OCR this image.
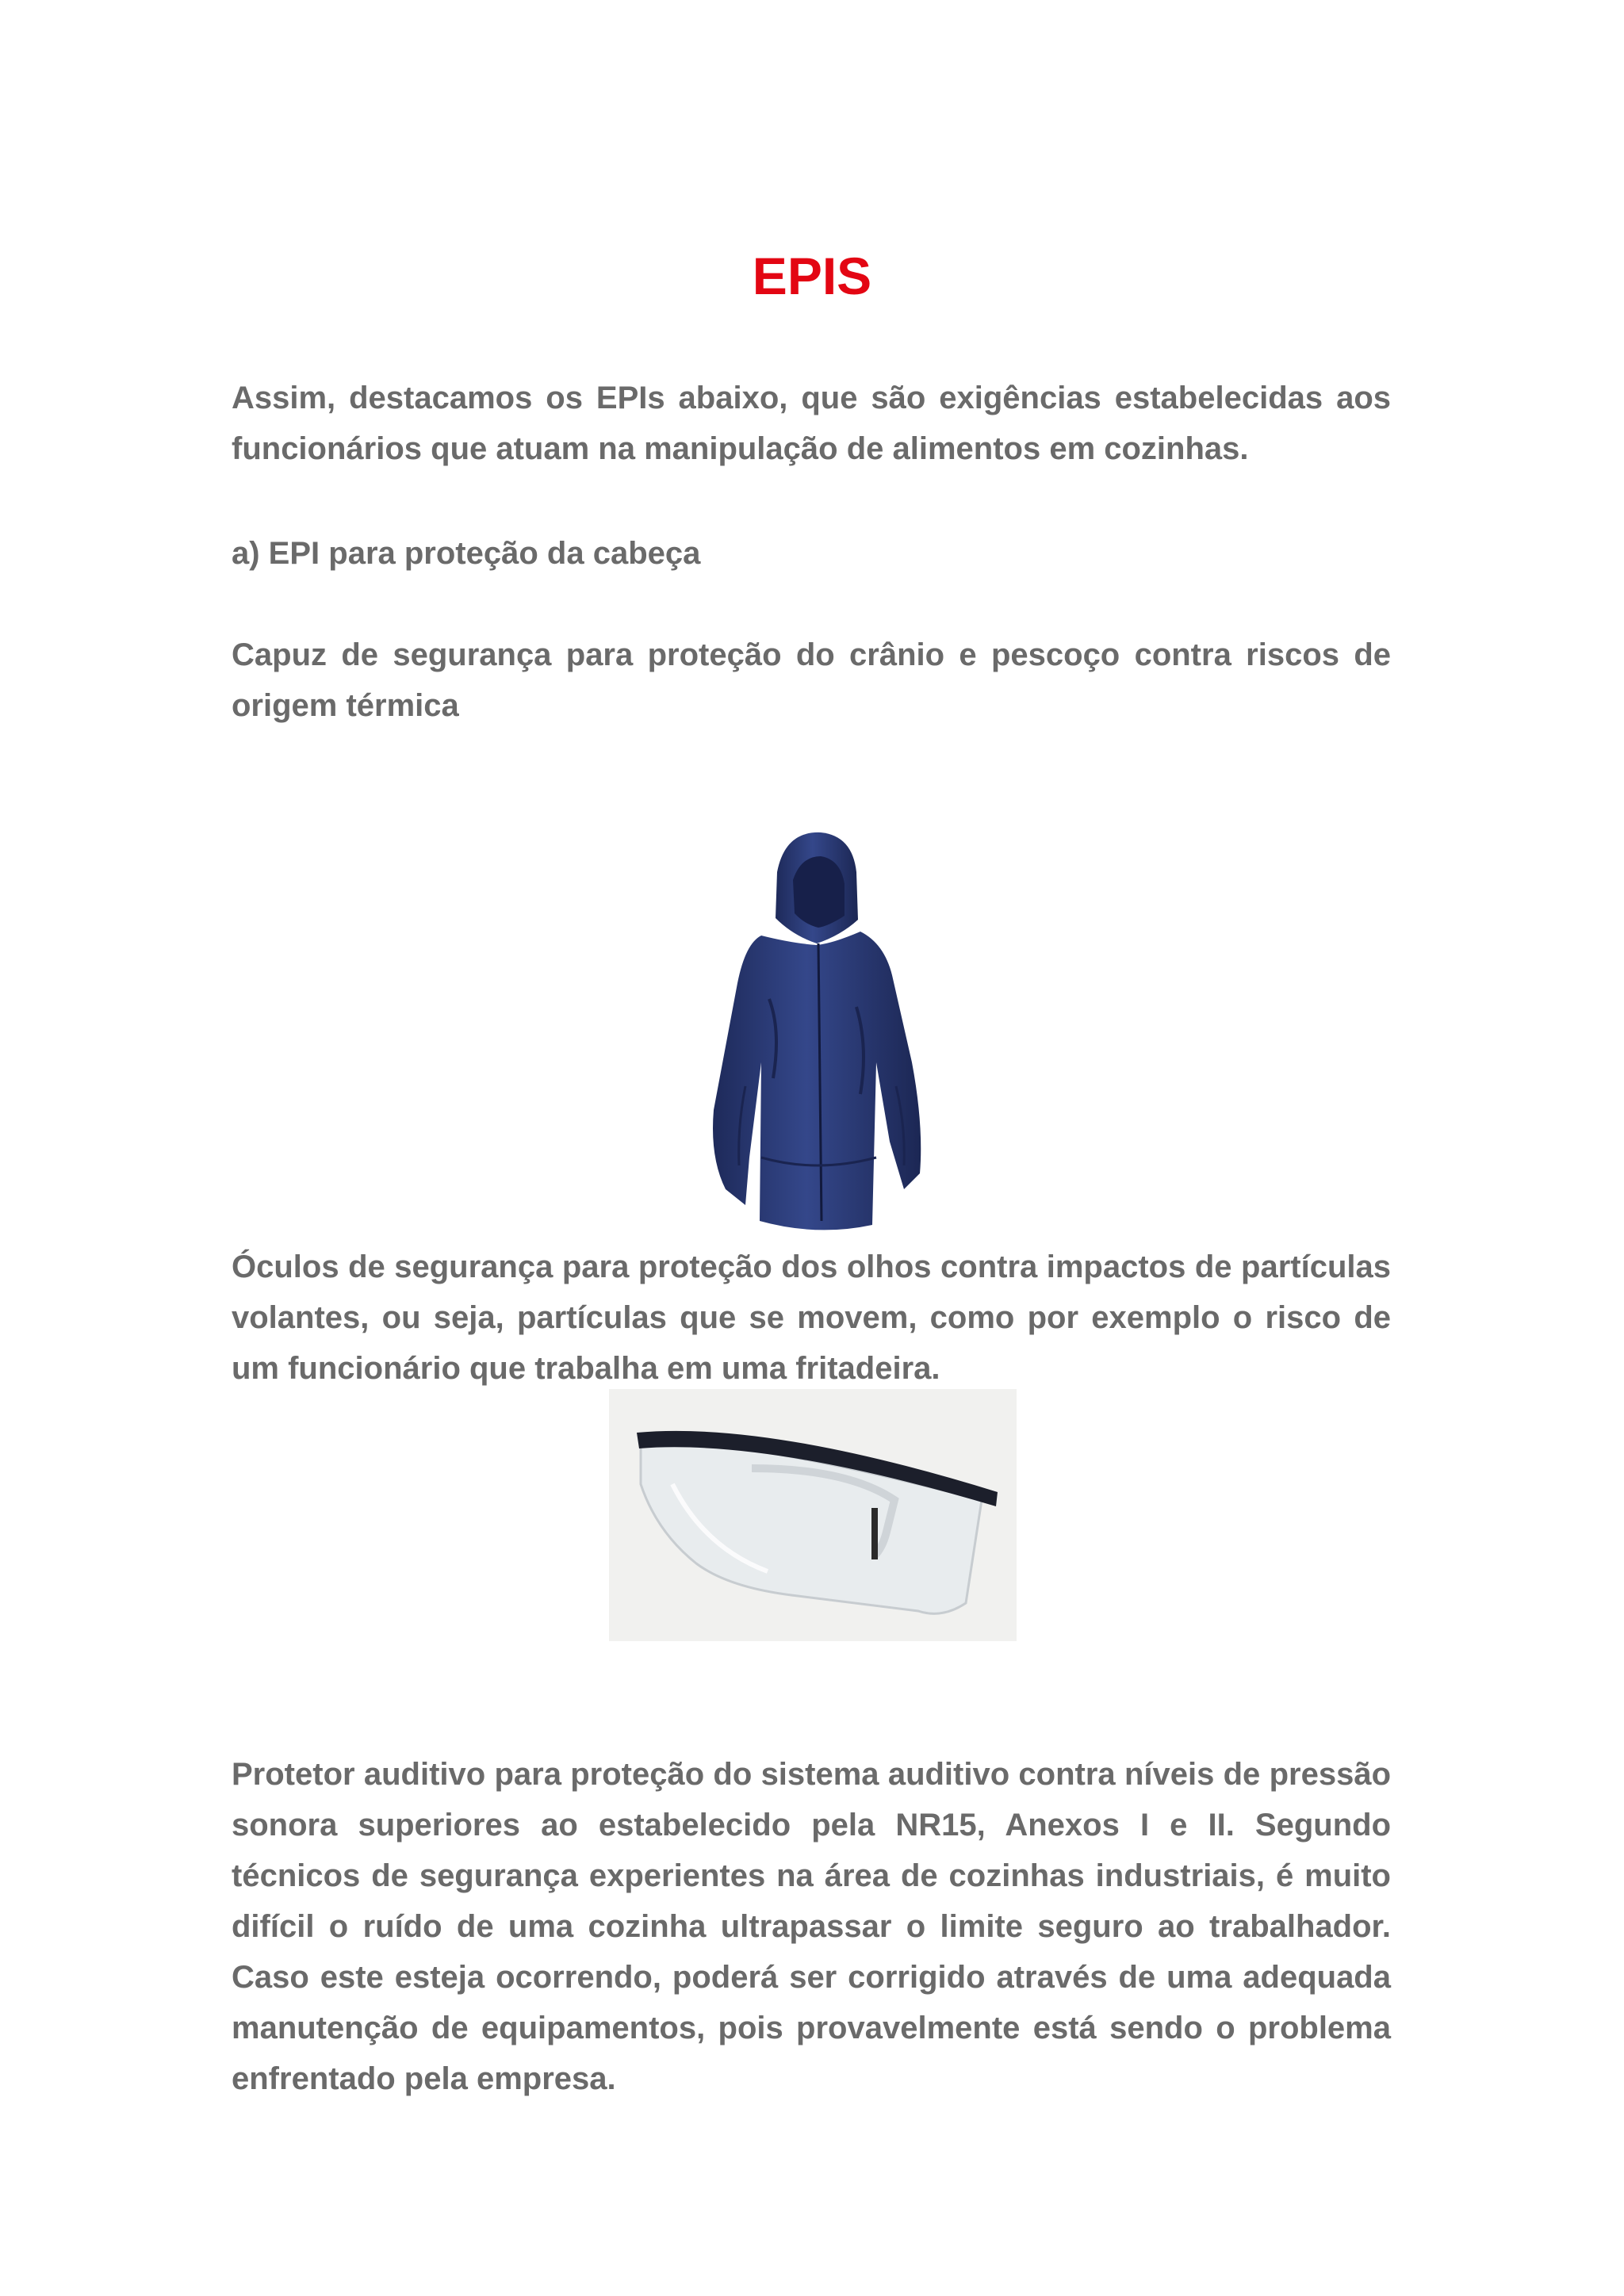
EPIS

Assim, destacamos os EPIs abaixo, que são exigências estabelecidas aos funcionários que atuam na manipulação de alimentos em cozinhas.

a) EPI para proteção da cabeça

Capuz de segurança para proteção do crânio e pescoço contra riscos de origem térmica

Óculos de segurança para proteção dos olhos contra impactos de partículas volantes, ou seja, partículas que se movem, como por exemplo o risco de um funcionário que trabalha em uma fritadeira.

Protetor auditivo para proteção do sistema auditivo contra níveis de pressão sonora superiores ao estabelecido pela NR15, Anexos I e II. Segundo técnicos de segurança experientes na área de cozinhas industriais, é muito difícil o ruído de uma cozinha ultrapassar o limite seguro ao trabalhador. Caso este esteja ocorrendo, poderá ser corrigido através de uma adequada manutenção de equipamentos, pois provavelmente está sendo o problema enfrentado pela empresa.
